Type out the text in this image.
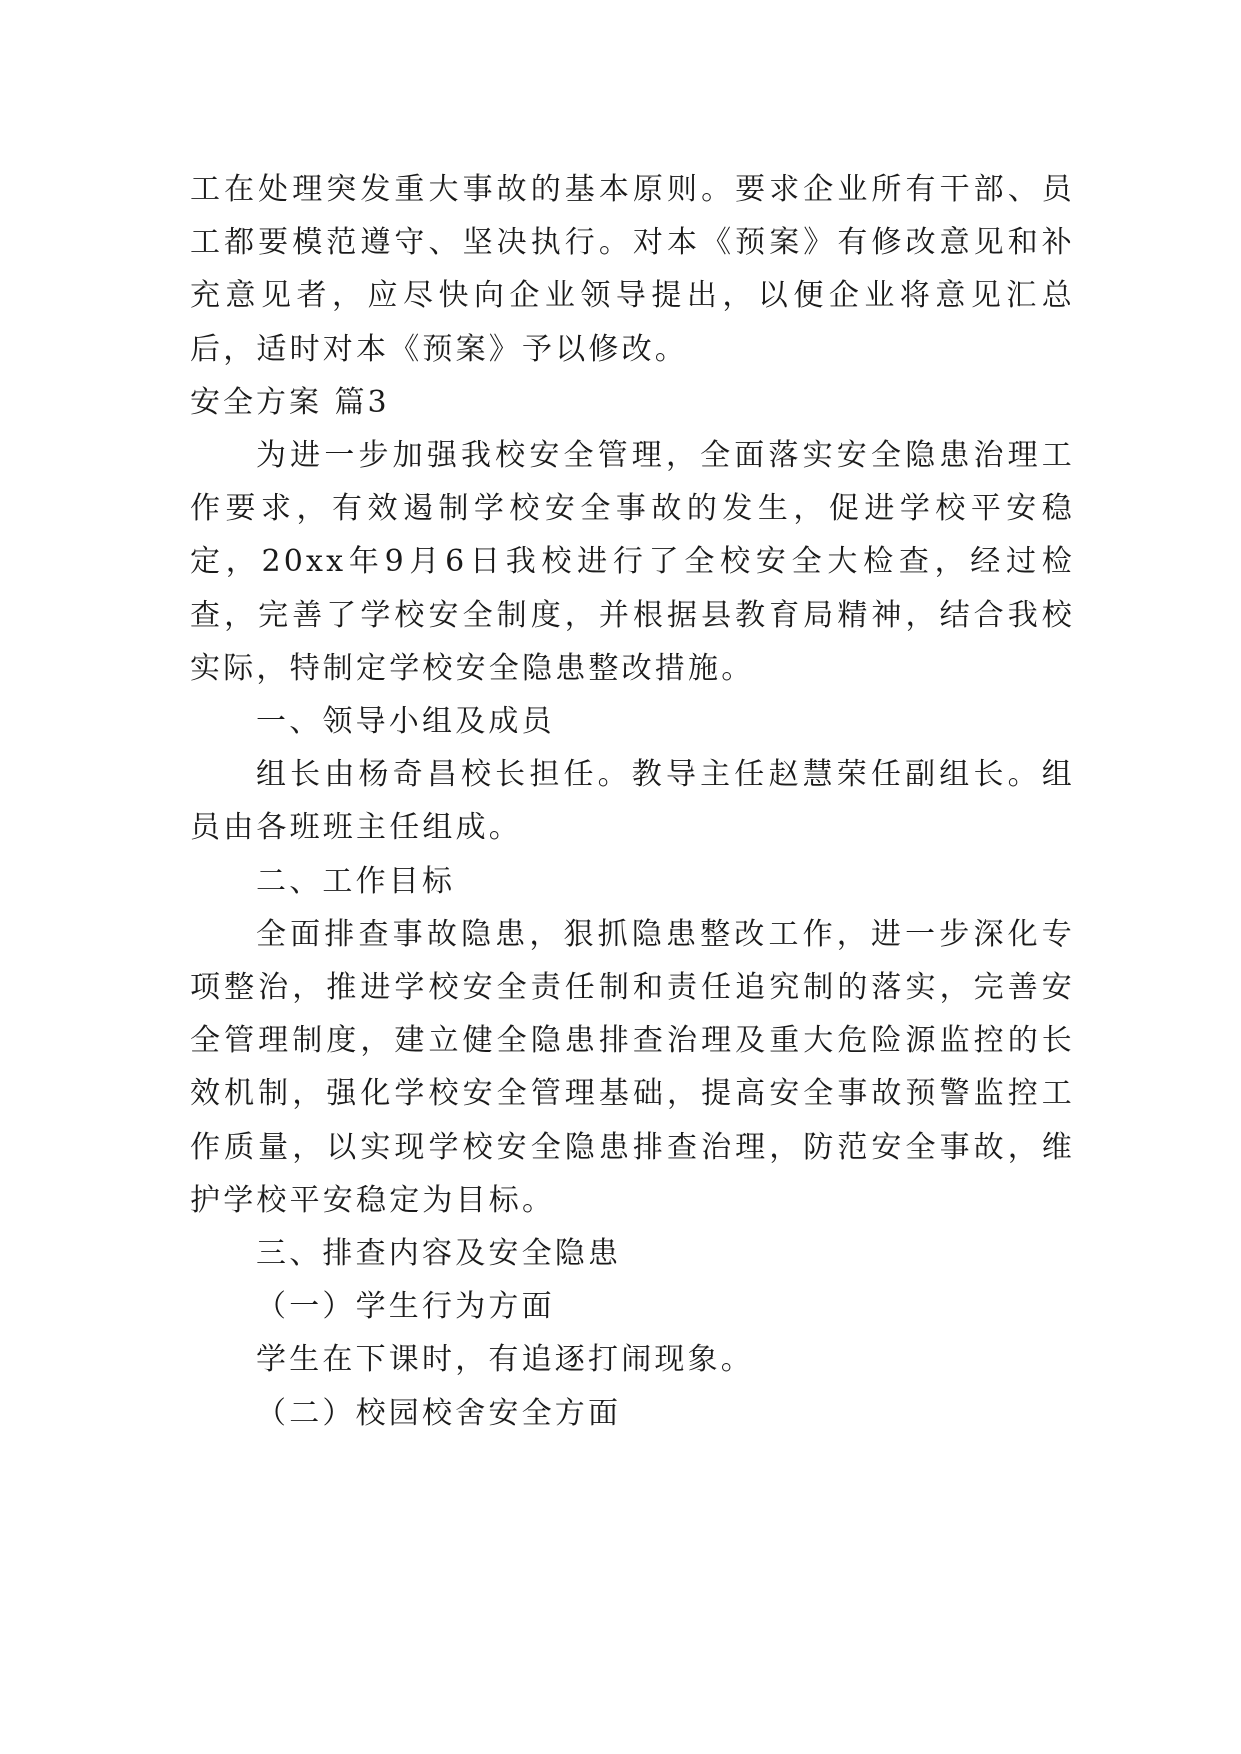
工在处理突发重大事故的基本原则。要求企业所有干部、员工都要模范遵守、坚决执行。对本《预案》有修改意见和补充意见者，应尽快向企业领导提出，以便企业将意见汇总后，适时对本《预案》予以修改。

安全方案 篇3

为进一步加强我校安全管理，全面落实安全隐患治理工作要求，有效遏制学校安全事故的发生，促进学校平安稳定，20xx年9月6日我校进行了全校安全大检查，经过检查，完善了学校安全制度，并根据县教育局精神，结合我校实际，特制定学校安全隐患整改措施。

一、领导小组及成员

组长由杨奇昌校长担任。教导主任赵慧荣任副组长。组员由各班班主任组成。

二、工作目标

全面排查事故隐患，狠抓隐患整改工作，进一步深化专项整治，推进学校安全责任制和责任追究制的落实，完善安全管理制度，建立健全隐患排查治理及重大危险源监控的长效机制，强化学校安全管理基础，提高安全事故预警监控工作质量，以实现学校安全隐患排查治理，防范安全事故，维护学校平安稳定为目标。

三、排查内容及安全隐患

（一）学生行为方面

学生在下课时，有追逐打闹现象。

（二）校园校舍安全方面
